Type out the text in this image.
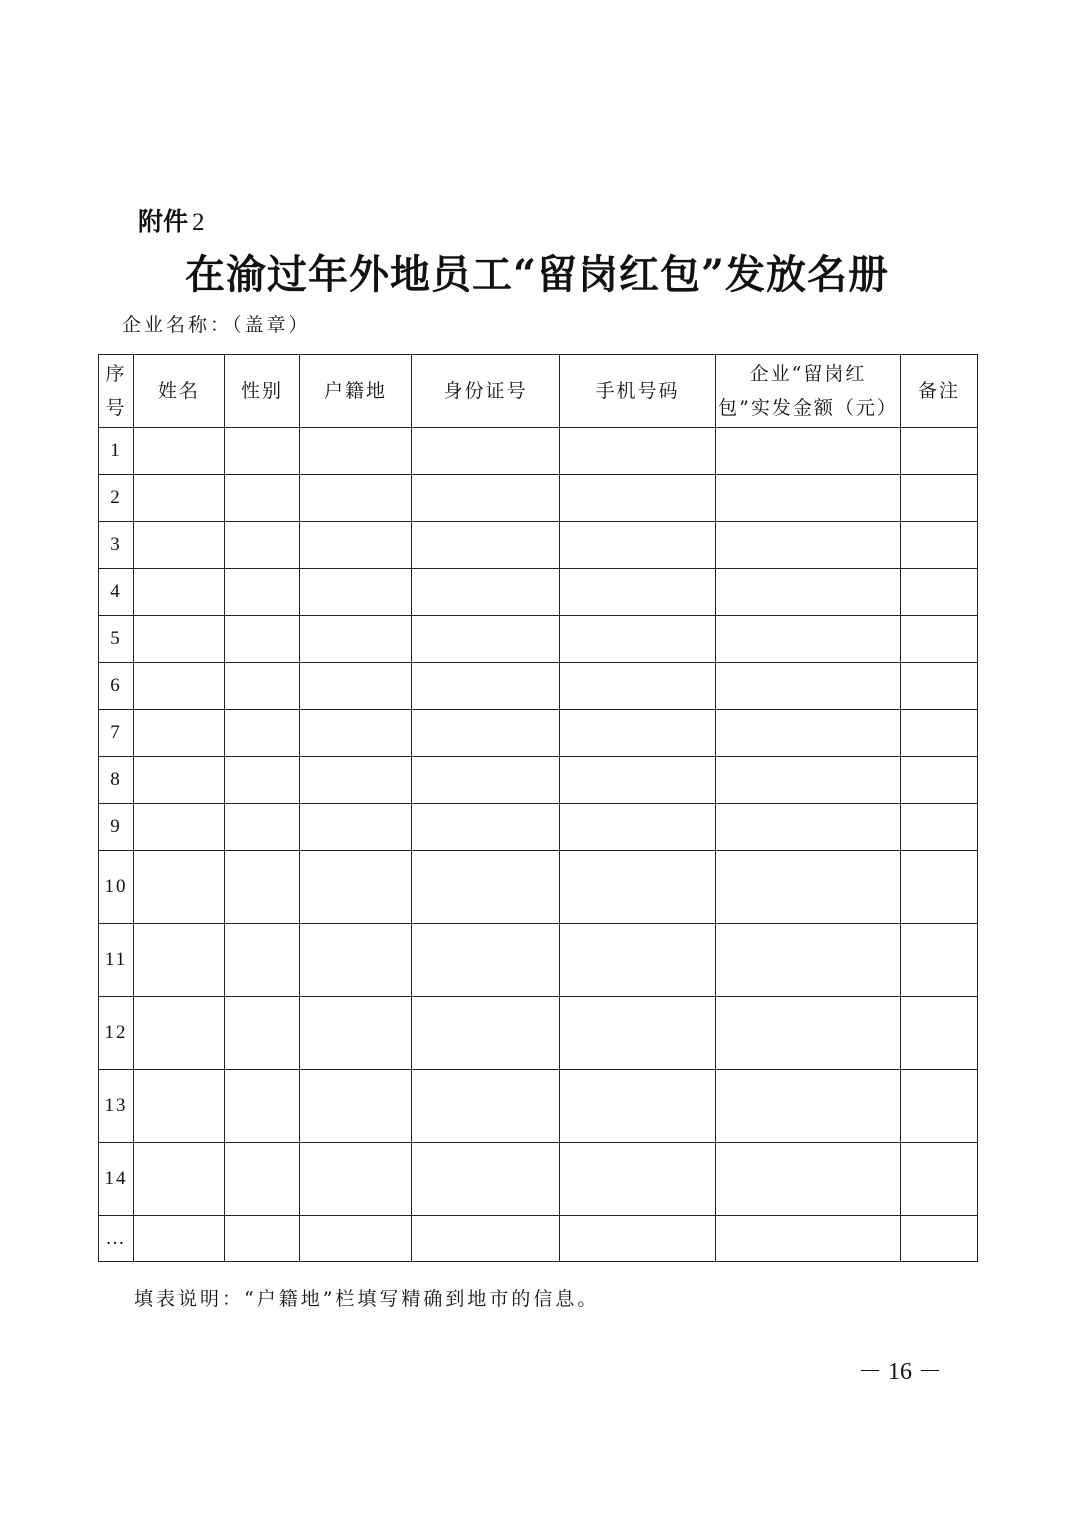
附件 2
在渝过年外地员工“留岗红包”发放名册
企业名称：（盖章）
序号	姓名	性别	户籍地	身份证号	手机号码	企业“留岗红
包”实发金额（元）	备注

1							

2							

3							

4							

5							

6							

7							

8							

9							

10							

11							

12							

13							

14							

…							

填表说明：“户籍地”栏填写精确到地市的信息。
－ 16 －
